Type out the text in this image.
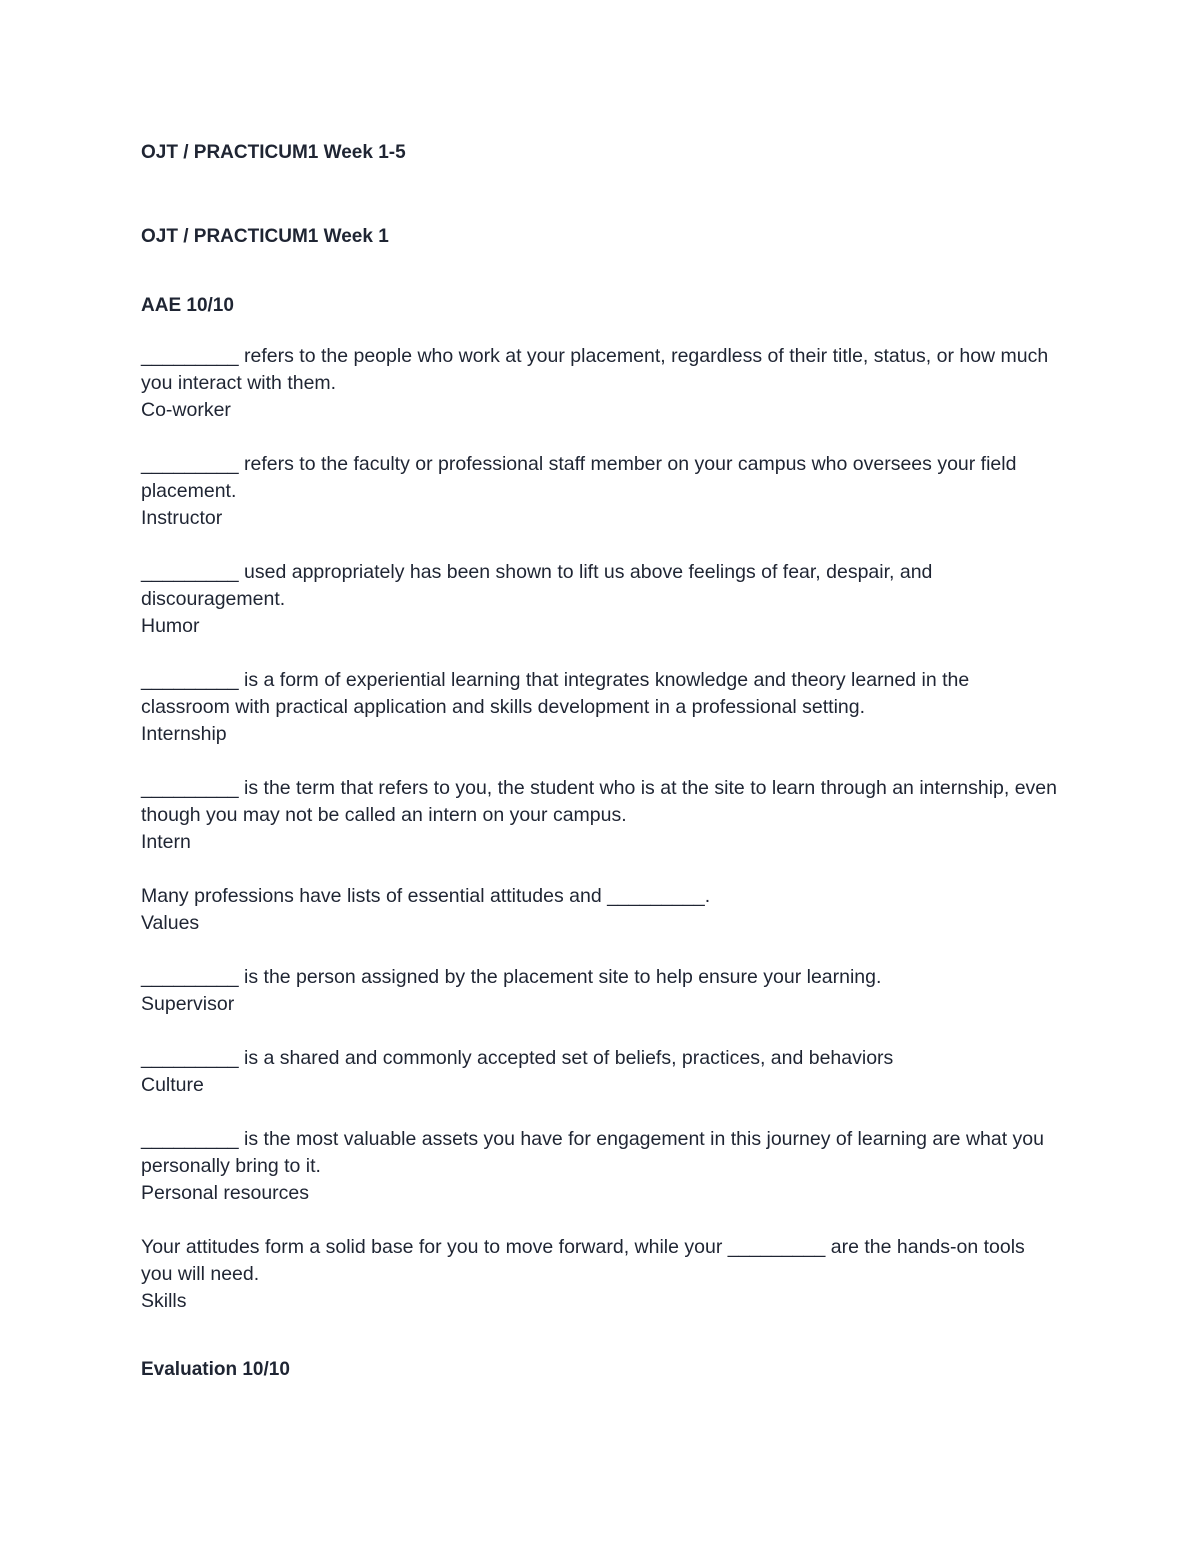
OJT / PRACTICUM1 Week 1-5
OJT / PRACTICUM1 Week 1
AAE 10/10
_________ refers to the people who work at your placement, regardless of their title, status, or how much you interact with them.
Co-worker
_________ refers to the faculty or professional staff member on your campus who oversees your field placement.
Instructor
_________ used appropriately has been shown to lift us above feelings of fear, despair, and discouragement.
Humor
_________ is a form of experiential learning that integrates knowledge and theory learned in the classroom with practical application and skills development in a professional setting.
Internship
_________ is the term that refers to you, the student who is at the site to learn through an internship, even though you may not be called an intern on your campus.
Intern
Many professions have lists of essential attitudes and _________.
Values
_________ is the person assigned by the placement site to help ensure your learning.
Supervisor
_________ is a shared and commonly accepted set of beliefs, practices, and behaviors
Culture
_________ is the most valuable assets you have for engagement in this journey of learning are what you personally bring to it.
Personal resources
Your attitudes form a solid base for you to move forward, while your _________ are the hands-on tools you will need.
Skills
Evaluation 10/10
